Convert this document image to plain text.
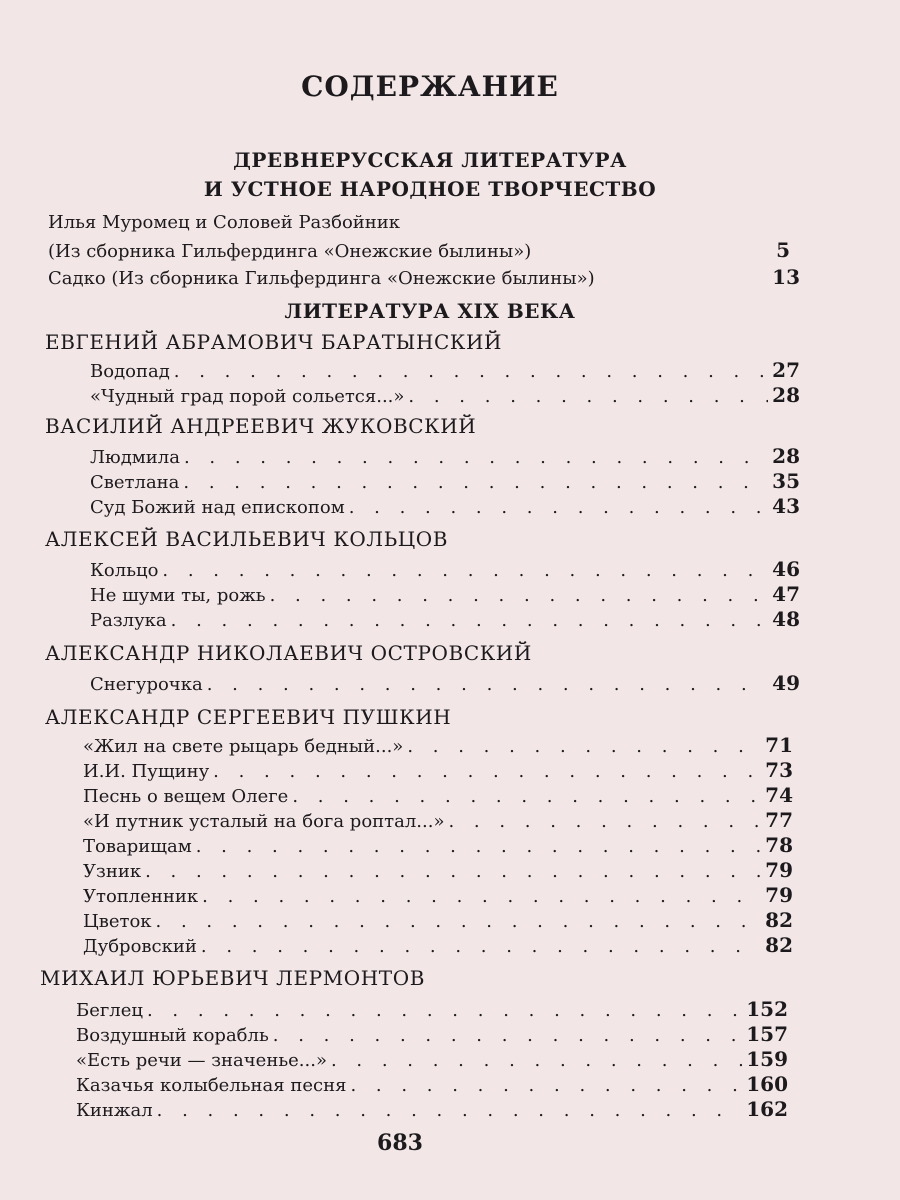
СОДЕРЖАНИЕ
ДРЕВНЕРУССКАЯ ЛИТЕРАТУРА
И УСТНОЕ НАРОДНОЕ ТВОРЧЕСТВО
Илья Муромец и Соловей Разбойник
(Из сборника Гильфердинга «Онежские былины»)	5
Садко (Из сборника Гильфердинга «Онежские былины»)	13
ЛИТЕРАТУРА XIX ВЕКА
ЕВГЕНИЙ АБРАМОВИЧ БАРАТЫНСКИЙ
Водопад . . .	27
«Чудный град порой сольется...» . . .	28
ВАСИЛИЙ АНДРЕЕВИЧ ЖУКОВСКИЙ
Людмила . . .	28
Светлана . . .	35
Суд Божий над епископом . . .	43
АЛЕКСЕЙ ВАСИЛЬЕВИЧ КОЛЬЦОВ
Кольцо . . .	46
Не шуми ты, рожь . . .	47
Разлука . . .	48
АЛЕКСАНДР НИКОЛАЕВИЧ ОСТРОВСКИЙ
Снегурочка . . .	49
АЛЕКСАНДР СЕРГЕЕВИЧ ПУШКИН
«Жил на свете рыцарь бедный...» . . .	71
И.И. Пущину . . .	73
Песнь о вещем Олеге . . .	74
«И путник усталый на бога роптал...» . . .	77
Товарищам . . .	78
Узник . . .	79
Утопленник . . .	79
Цветок . . .	82
Дубровский . . .	82
МИХАИЛ ЮРЬЕВИЧ ЛЕРМОНТОВ
Беглец . . .	152
Воздушный корабль . . .	157
«Есть речи — значенье...» . . .	159
Казачья колыбельная песня . . .	160
Кинжал . . .	162
683
